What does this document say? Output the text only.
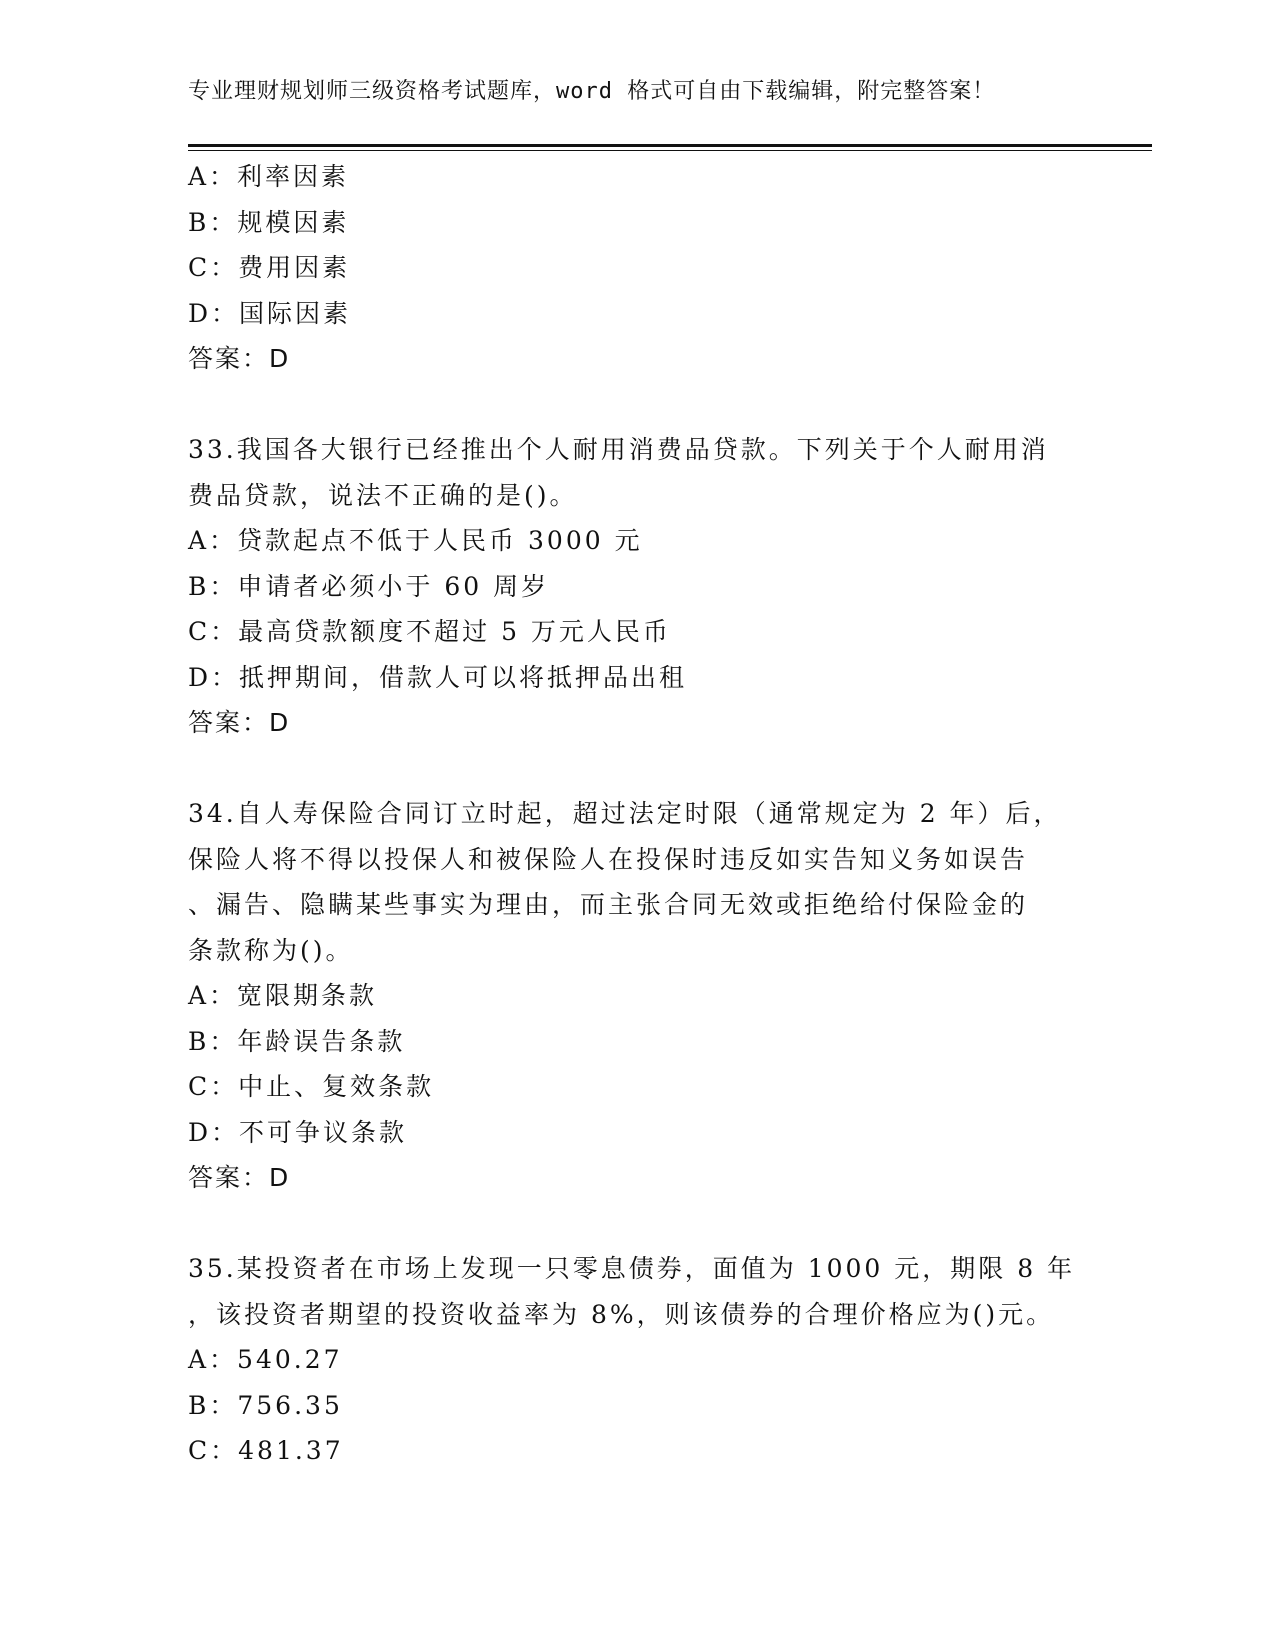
专业理财规划师三级资格考试题库，word 格式可自由下载编辑，附完整答案！
A：利率因素
B：规模因素
C：费用因素
D：国际因素
答案：D
33.我国各大银行已经推出个人耐用消费品贷款。下列关于个人耐用消
费品贷款，说法不正确的是()。
A：贷款起点不低于人民币 3000 元
B：申请者必须小于 60 周岁
C：最高贷款额度不超过 5 万元人民币
D：抵押期间，借款人可以将抵押品出租
答案：D
34.自人寿保险合同订立时起，超过法定时限（通常规定为 2 年）后，
保险人将不得以投保人和被保险人在投保时违反如实告知义务如误告
、漏告、隐瞒某些事实为理由，而主张合同无效或拒绝给付保险金的
条款称为()。
A：宽限期条款
B：年龄误告条款
C：中止、复效条款
D：不可争议条款
答案：D
35.某投资者在市场上发现一只零息债券，面值为 1000 元，期限 8 年
，该投资者期望的投资收益率为 8%，则该债券的合理价格应为()元。
A：540.27
B：756.35
C：481.37
